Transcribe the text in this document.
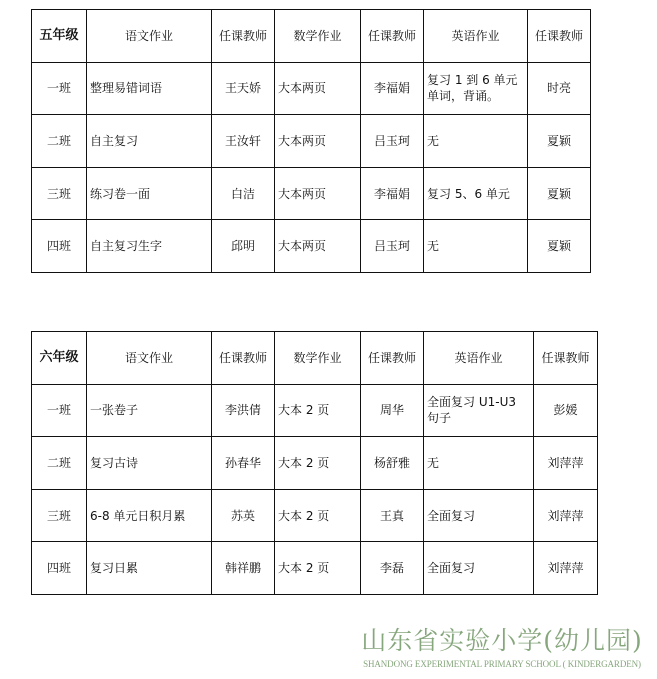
五年级	语文作业	任课教师	数学作业	任课教师	英语作业	任课教师
一班	整理易错词语	王天娇	大本两页	李福娟	复习 1 到 6 单元单词，背诵。	时亮
二班	自主复习	王汝轩	大本两页	吕玉珂	无	夏颖
三班	练习卷一面	白洁	大本两页	李福娟	复习 5、6 单元	夏颖
四班	自主复习生字	邱明	大本两页	吕玉珂	无	夏颖
六年级	语文作业	任课教师	数学作业	任课教师	英语作业	任课教师
一班	一张卷子	李洪倩	大本 2 页	周华	全面复习 U1-U3 句子	彭媛
二班	复习古诗	孙春华	大本 2 页	杨舒雅	无	刘萍萍
三班	6-8 单元日积月累	苏英	大本 2 页	王真	全面复习	刘萍萍
四班	复习日累	韩祥鹏	大本 2 页	李磊	全面复习	刘萍萍
山东省实验小学(幼儿园)
SHANDONG EXPERIMENTAL PRIMARY SCHOOL ( KINDERGARDEN)
